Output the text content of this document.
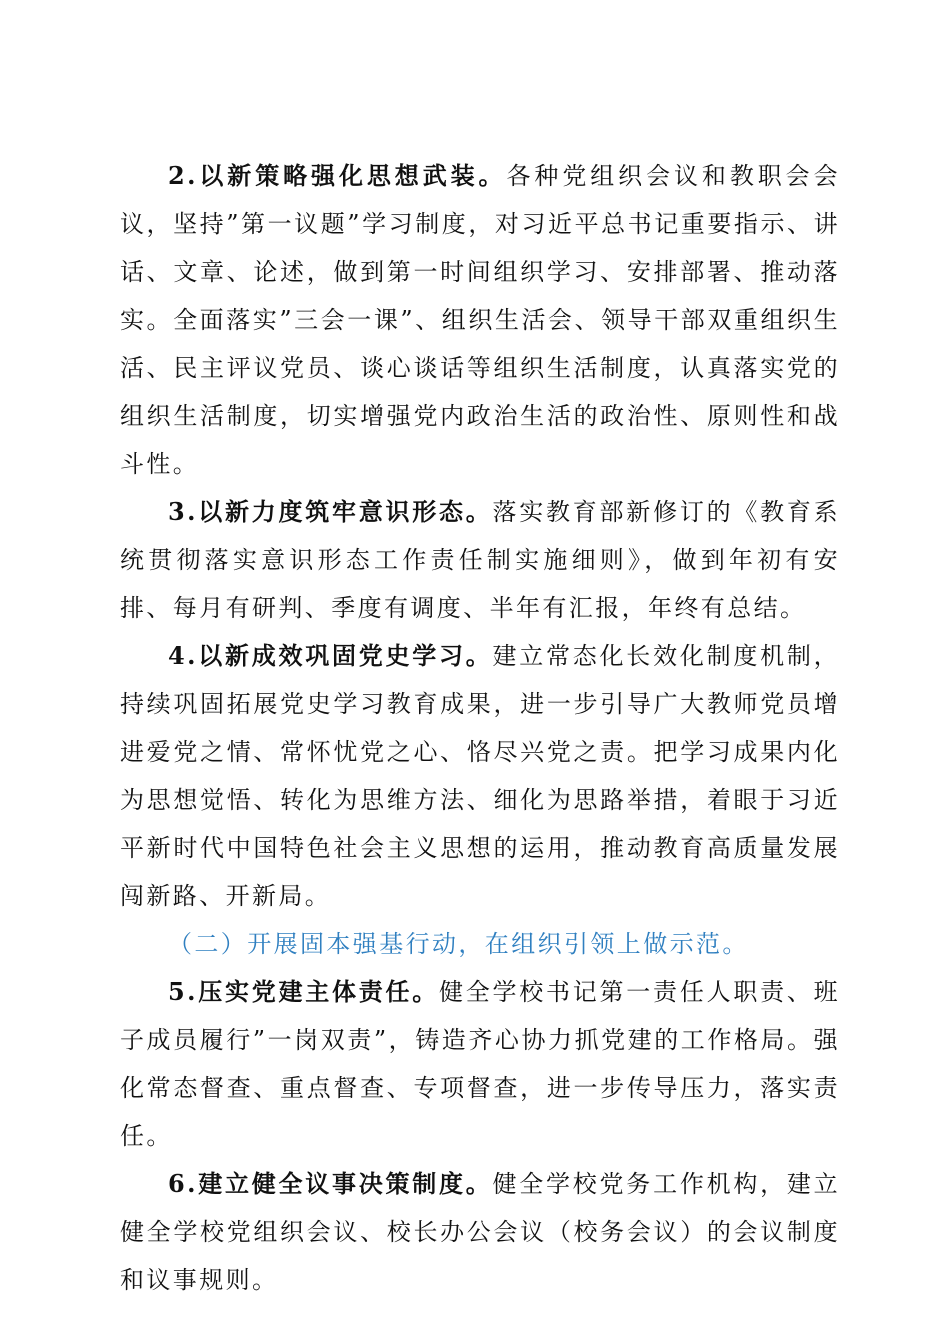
2.以新策略强化思想武装。各种党组织会议和教职会会议，坚持”第一议题”学习制度，对习近平总书记重要指示、讲话、文章、论述，做到第一时间组织学习、安排部署、推动落实。全面落实”三会一课”、组织生活会、领导干部双重组织生活、民主评议党员、谈心谈话等组织生活制度，认真落实党的组织生活制度，切实增强党内政治生活的政治性、原则性和战斗性。

3.以新力度筑牢意识形态。落实教育部新修订的《教育系统贯彻落实意识形态工作责任制实施细则》，做到年初有安排、每月有研判、季度有调度、半年有汇报，年终有总结。

4.以新成效巩固党史学习。建立常态化长效化制度机制，持续巩固拓展党史学习教育成果，进一步引导广大教师党员增进爱党之情、常怀忧党之心、恪尽兴党之责。把学习成果内化为思想觉悟、转化为思维方法、细化为思路举措，着眼于习近平新时代中国特色社会主义思想的运用，推动教育高质量发展闯新路、开新局。

（二）开展固本强基行动，在组织引领上做示范。

5.压实党建主体责任。健全学校书记第一责任人职责、班子成员履行”一岗双责”，铸造齐心协力抓党建的工作格局。强化常态督查、重点督查、专项督查，进一步传导压力，落实责任。

6.建立健全议事决策制度。健全学校党务工作机构，建立健全学校党组织会议、校长办公会议（校务会议）的会议制度和议事规则。
